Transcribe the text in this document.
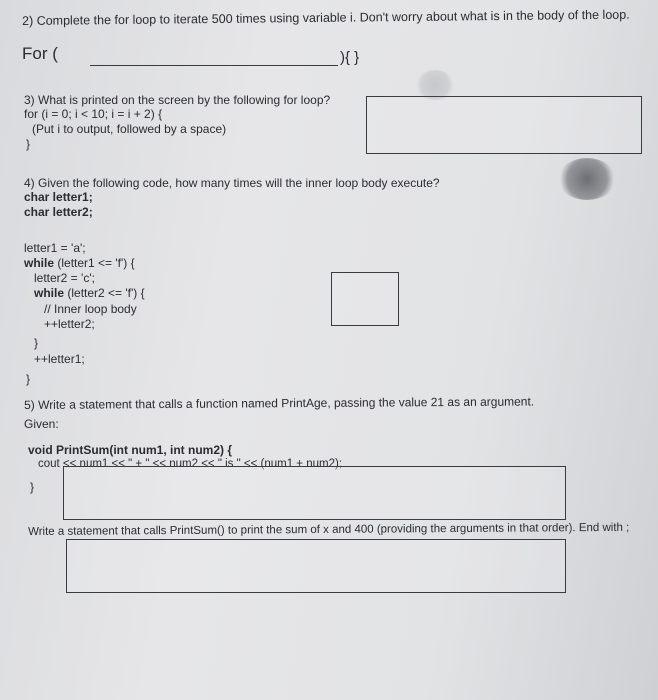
2) Complete the for loop to iterate 500 times using variable i. Don't worry about what is in the body of the loop.
For (	){ }
3) What is printed on the screen by the following for loop?
for (i = 0; i < 10; i = i + 2) {
(Put i to output, followed by a space)
}
4) Given the following code, how many times will the inner loop body execute?
char letter1;
char letter2;
letter1 = 'a';
while (letter1 <= 'f') {
letter2 = 'c';
while (letter2 <= 'f') {
// Inner loop body
++letter2;
}
++letter1;
}
5) Write a statement that calls a function named PrintAge, passing the value 21 as an argument.
Given:
void PrintSum(int num1, int num2) {
cout << num1 << " + " << num2 << " is " << (num1 + num2);
}
Write a statement that calls PrintSum() to print the sum of x and 400 (providing the arguments in that order). End with ;
